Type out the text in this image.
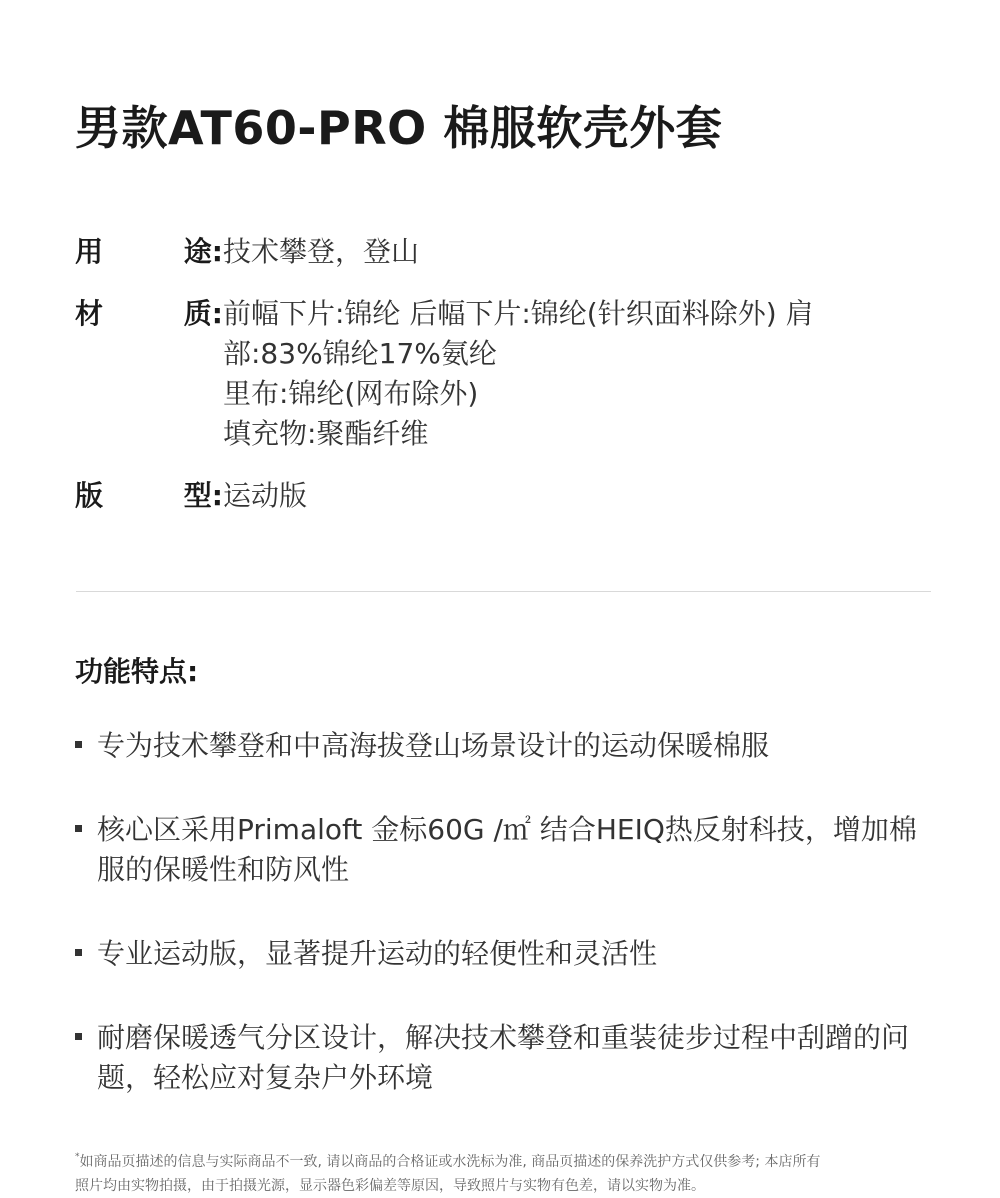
男款AT60-PRO 棉服软壳外套
用	途: 技术攀登，登山
材	质: 前幅下片:锦纶 后幅下片:锦纶(针织面料除外) 肩
部:83%锦纶17%氨纶
里布:锦纶(网布除外)
填充物:聚酯纤维
版	型: 运动版
功能特点:
专为技术攀登和中高海拔登山场景设计的运动保暖棉服
核心区采用Primaloft 金标60G /㎡ 结合HEIQ热反射科技，增加棉
服的保暖性和防风性
专业运动版，显著提升运动的轻便性和灵活性
耐磨保暖透气分区设计，解决技术攀登和重装徒步过程中刮蹭的问
题，轻松应对复杂户外环境
*如商品页描述的信息与实际商品不一致, 请以商品的合格证或水洗标为准, 商品页描述的保养洗护方式仅供参考; 本店所有
照片均由实物拍摄，由于拍摄光源，显示器色彩偏差等原因，导致照片与实物有色差，请以实物为准。
